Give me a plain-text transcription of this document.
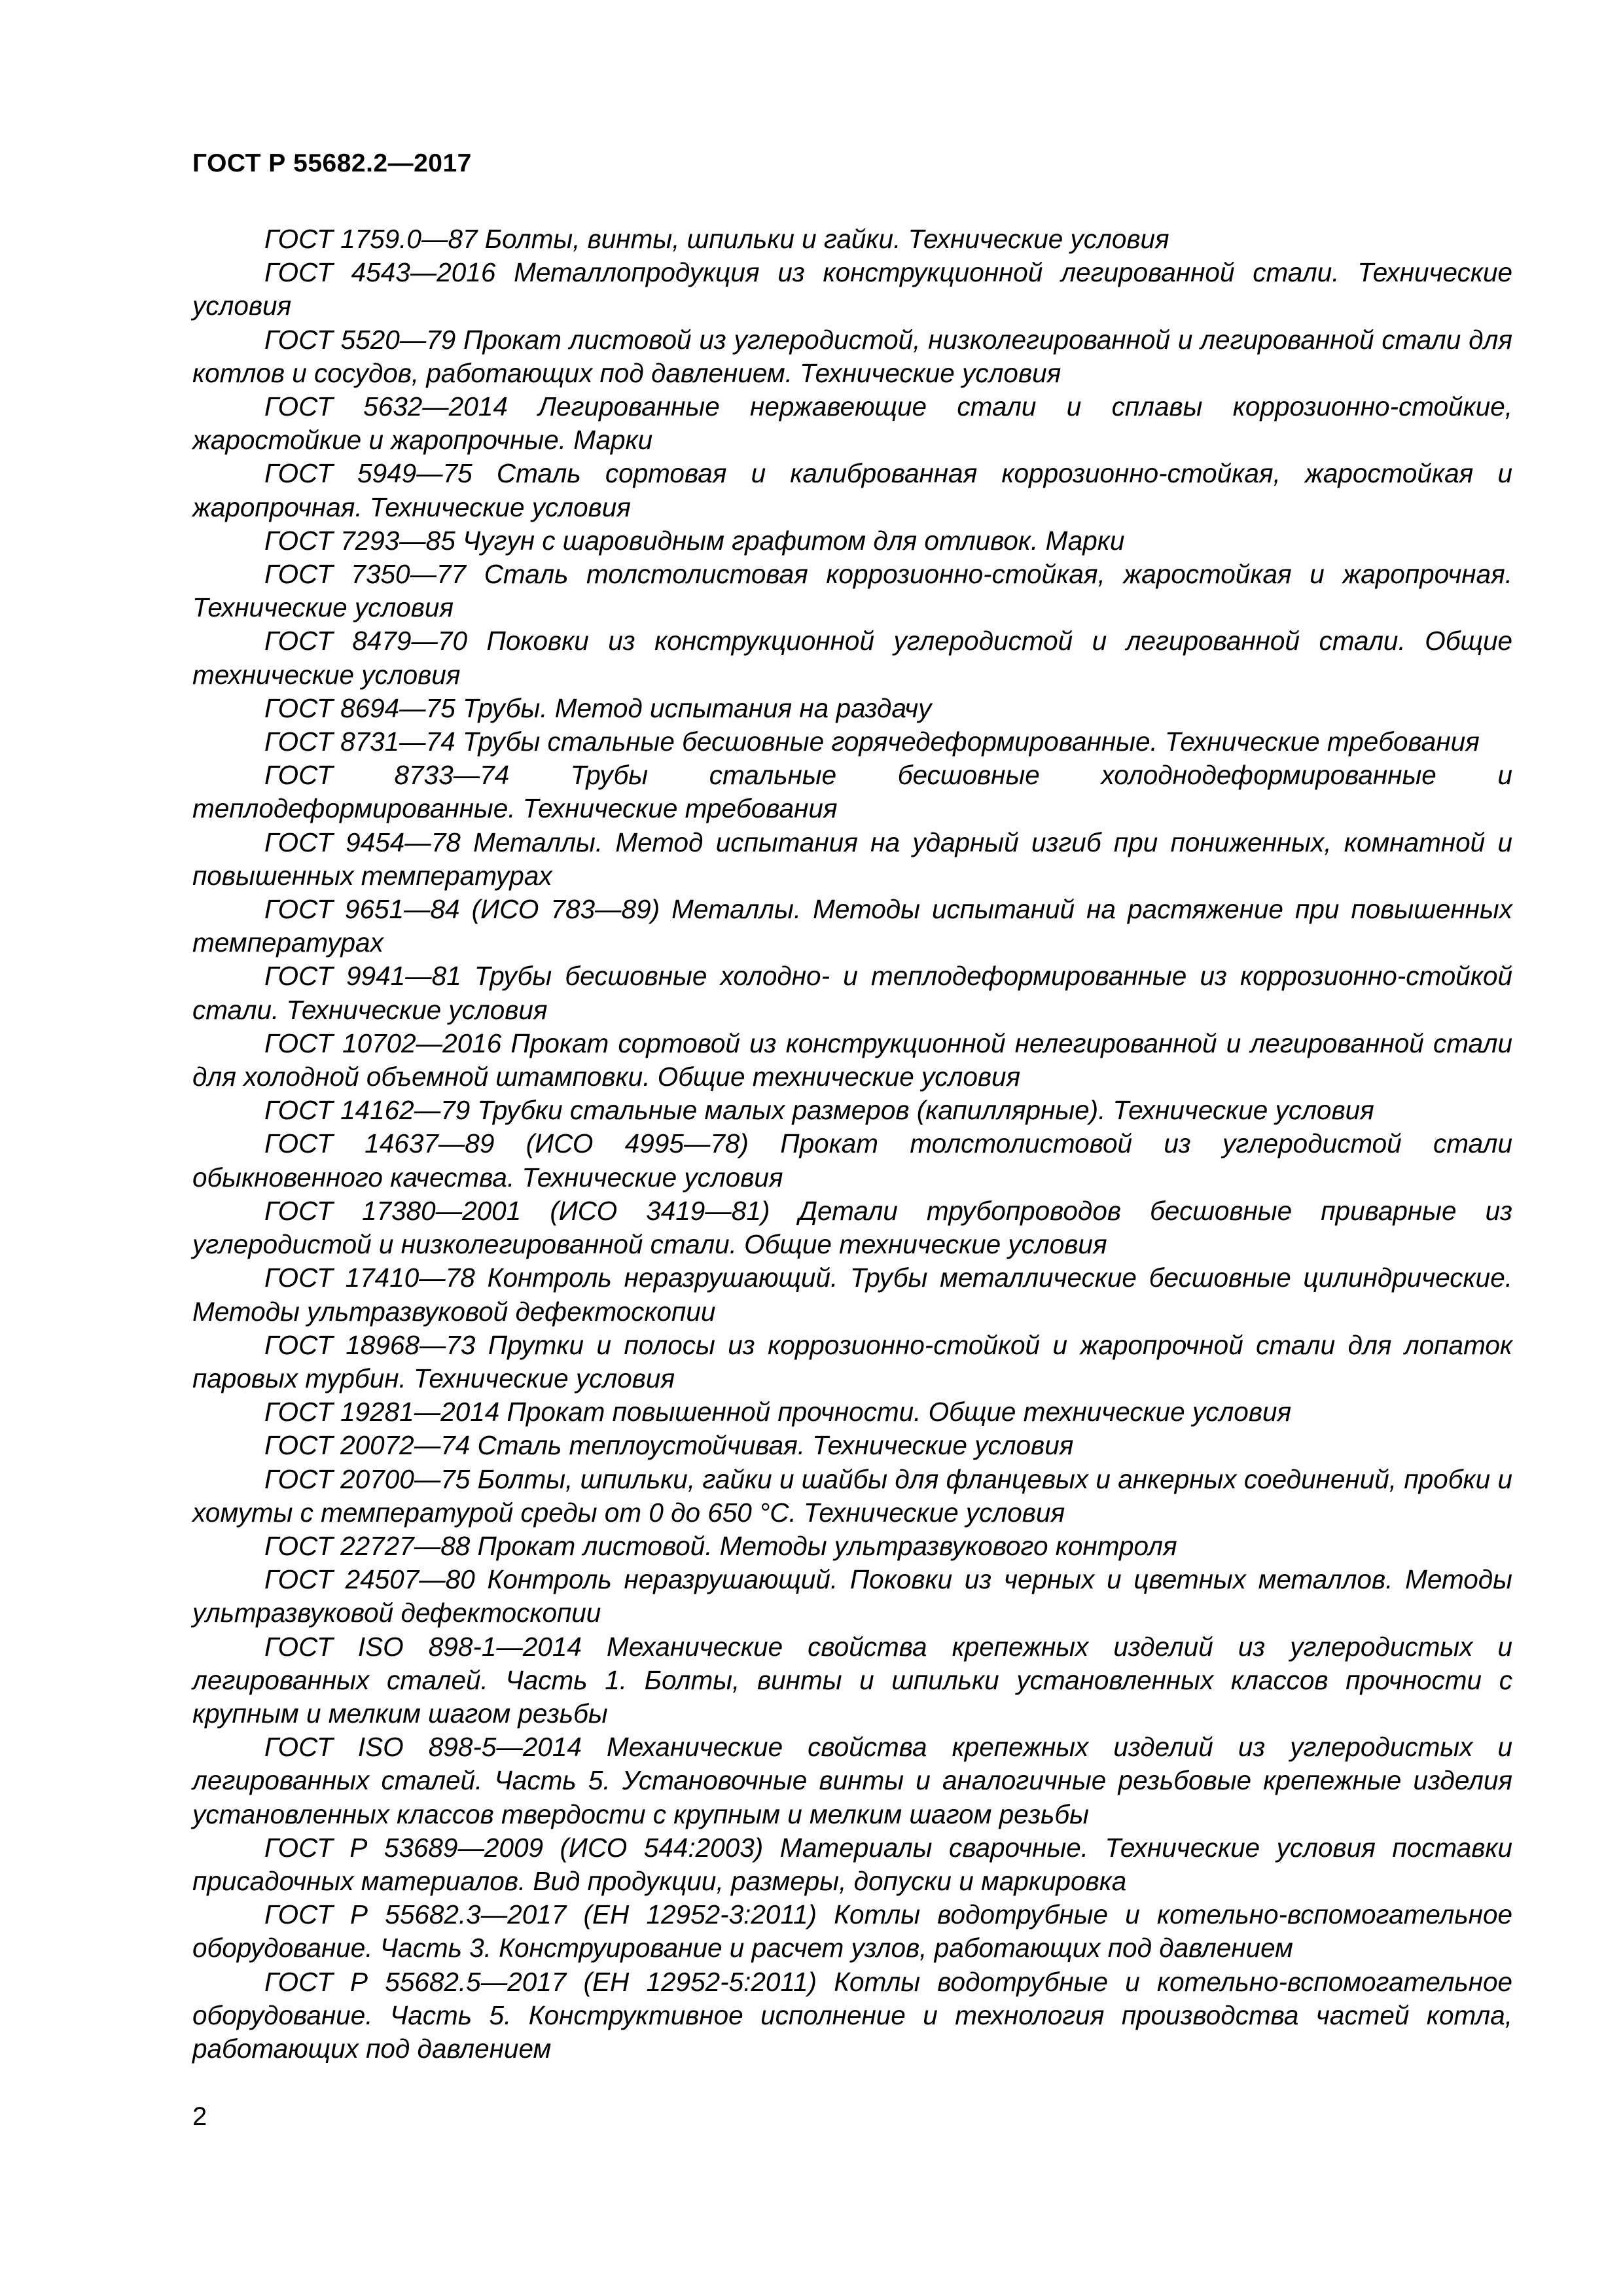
ГОСТ Р 55682.2—2017
ГОСТ 1759.0—87 Болты, винты, шпильки и гайки. Технические условия
ГОСТ 4543—2016 Металлопродукция из конструкционной легированной стали. Технические условия
ГОСТ 5520—79 Прокат листовой из углеродистой, низколегированной и легированной стали для котлов и сосудов, работающих под давлением. Технические условия
ГОСТ 5632—2014 Легированные нержавеющие стали и сплавы коррозионно-стойкие, жаростойкие и жаропрочные. Марки
ГОСТ 5949—75 Сталь сортовая и калиброванная коррозионно-стойкая, жаростойкая и жаропрочная. Технические условия
ГОСТ 7293—85 Чугун с шаровидным графитом для отливок. Марки
ГОСТ 7350—77 Сталь толстолистовая коррозионно-стойкая, жаростойкая и жаропрочная. Технические условия
ГОСТ 8479—70 Поковки из конструкционной углеродистой и легированной стали. Общие технические условия
ГОСТ 8694—75 Трубы. Метод испытания на раздачу
ГОСТ 8731—74 Трубы стальные бесшовные горячедеформированные. Технические требования
ГОСТ 8733—74 Трубы стальные бесшовные холоднодеформированные и теплодеформированные. Технические требования
ГОСТ 9454—78 Металлы. Метод испытания на ударный изгиб при пониженных, комнатной и повышенных температурах
ГОСТ 9651—84 (ИСО 783—89) Металлы. Методы испытаний на растяжение при повышенных температурах
ГОСТ 9941—81 Трубы бесшовные холодно- и теплодеформированные из коррозионно-стойкой стали. Технические условия
ГОСТ 10702—2016 Прокат сортовой из конструкционной нелегированной и легированной стали для холодной объемной штамповки. Общие технические условия
ГОСТ 14162—79 Трубки стальные малых размеров (капиллярные). Технические условия
ГОСТ 14637—89 (ИСО 4995—78) Прокат толстолистовой из углеродистой стали обыкновенного качества. Технические условия
ГОСТ 17380—2001 (ИСО 3419—81) Детали трубопроводов бесшовные приварные из углеродистой и низколегированной стали. Общие технические условия
ГОСТ 17410—78 Контроль неразрушающий. Трубы металлические бесшовные цилиндрические. Методы ультразвуковой дефектоскопии
ГОСТ 18968—73 Прутки и полосы из коррозионно-стойкой и жаропрочной стали для лопаток паровых турбин. Технические условия
ГОСТ 19281—2014 Прокат повышенной прочности. Общие технические условия
ГОСТ 20072—74 Сталь теплоустойчивая. Технические условия
ГОСТ 20700—75 Болты, шпильки, гайки и шайбы для фланцевых и анкерных соединений, пробки и хомуты с температурой среды от 0 до 650 °С. Технические условия
ГОСТ 22727—88 Прокат листовой. Методы ультразвукового контроля
ГОСТ 24507—80 Контроль неразрушающий. Поковки из черных и цветных металлов. Методы ультразвуковой дефектоскопии
ГОСТ ISO 898-1—2014 Механические свойства крепежных изделий из углеродистых и легированных сталей. Часть 1. Болты, винты и шпильки установленных классов прочности с крупным и мелким шагом резьбы
ГОСТ ISO 898-5—2014 Механические свойства крепежных изделий из углеродистых и легированных сталей. Часть 5. Установочные винты и аналогичные резьбовые крепежные изделия установленных классов твердости с крупным и мелким шагом резьбы
ГОСТ Р 53689—2009 (ИСО 544:2003) Материалы сварочные. Технические условия поставки присадочных материалов. Вид продукции, размеры, допуски и маркировка
ГОСТ Р 55682.3—2017 (ЕН 12952-3:2011) Котлы водотрубные и котельно-вспомогательное оборудование. Часть 3. Конструирование и расчет узлов, работающих под давлением
ГОСТ Р 55682.5—2017 (ЕН 12952-5:2011) Котлы водотрубные и котельно-вспомогательное оборудование. Часть 5. Конструктивное исполнение и технология производства частей котла, работающих под давлением
2
